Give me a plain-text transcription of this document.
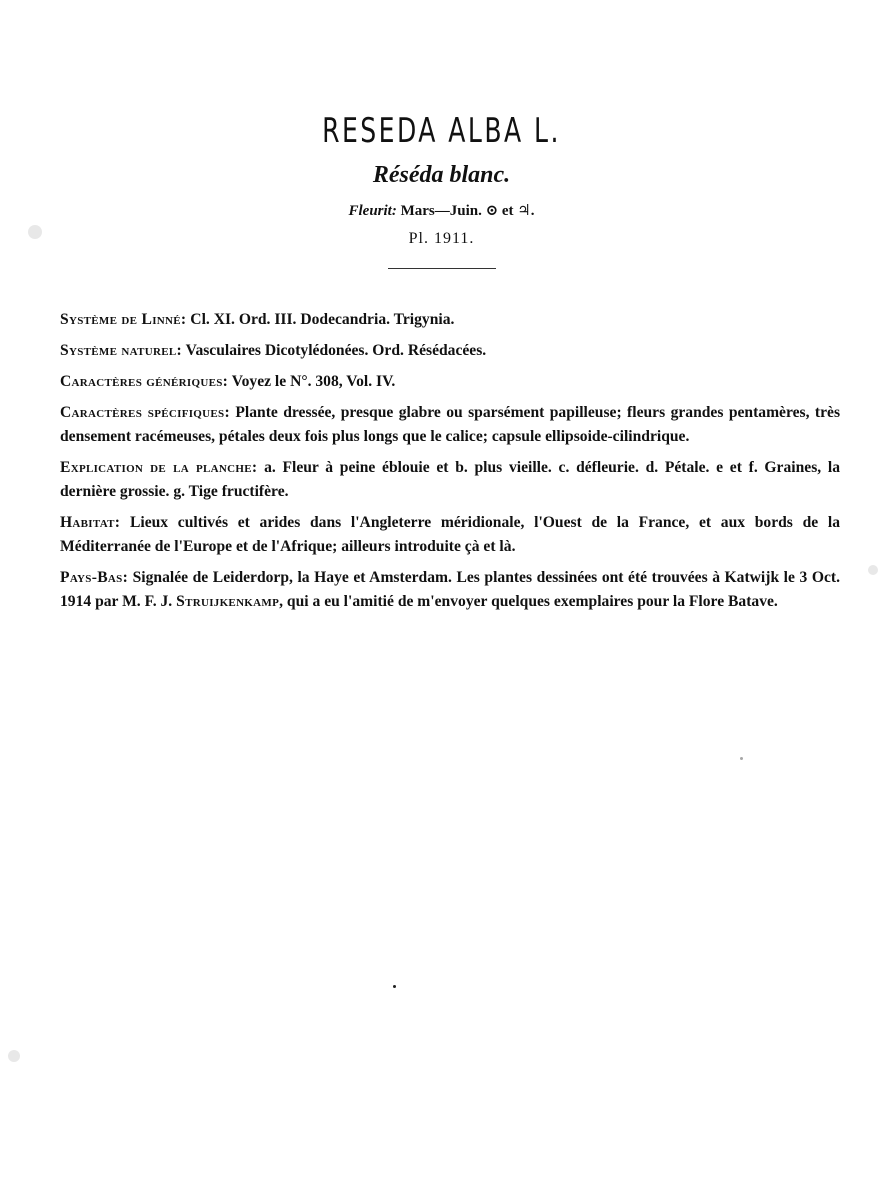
RESEDA ALBA L.
Réséda blanc.
Fleurit: Mars—Juin. ⊙ et ♃.
Pl. 1911.

Système de Linné: Cl. XI. Ord. III. Dodecandria. Trigynia.

Système naturel: Vasculaires Dicotylédonées. Ord. Résédacées.

Caractères génériques: Voyez le N°. 308, Vol. IV.

Caractères spécifiques: Plante dressée, presque glabre ou sparsément papilleuse; fleurs grandes pentamères, très densement racémeuses, pétales deux fois plus longs que le calice; capsule ellipsoide-cilindrique.

Explication de la planche: a. Fleur à peine éblouie et b. plus vieille. c. défleurie. d. Pétale. e et f. Graines, la dernière grossie. g. Tige fructifère.

Habitat: Lieux cultivés et arides dans l'Angleterre méridionale, l'Ouest de la France, et aux bords de la Méditerranée de l'Europe et de l'Afrique; ailleurs introduite çà et là.

Pays-Bas: Signalée de Leiderdorp, la Haye et Amsterdam. Les plantes dessinées ont été trouvées à Katwijk le 3 Oct. 1914 par M. F. J. Struijkenkamp, qui a eu l'amitié de m'envoyer quelques exemplaires pour la Flore Batave.
